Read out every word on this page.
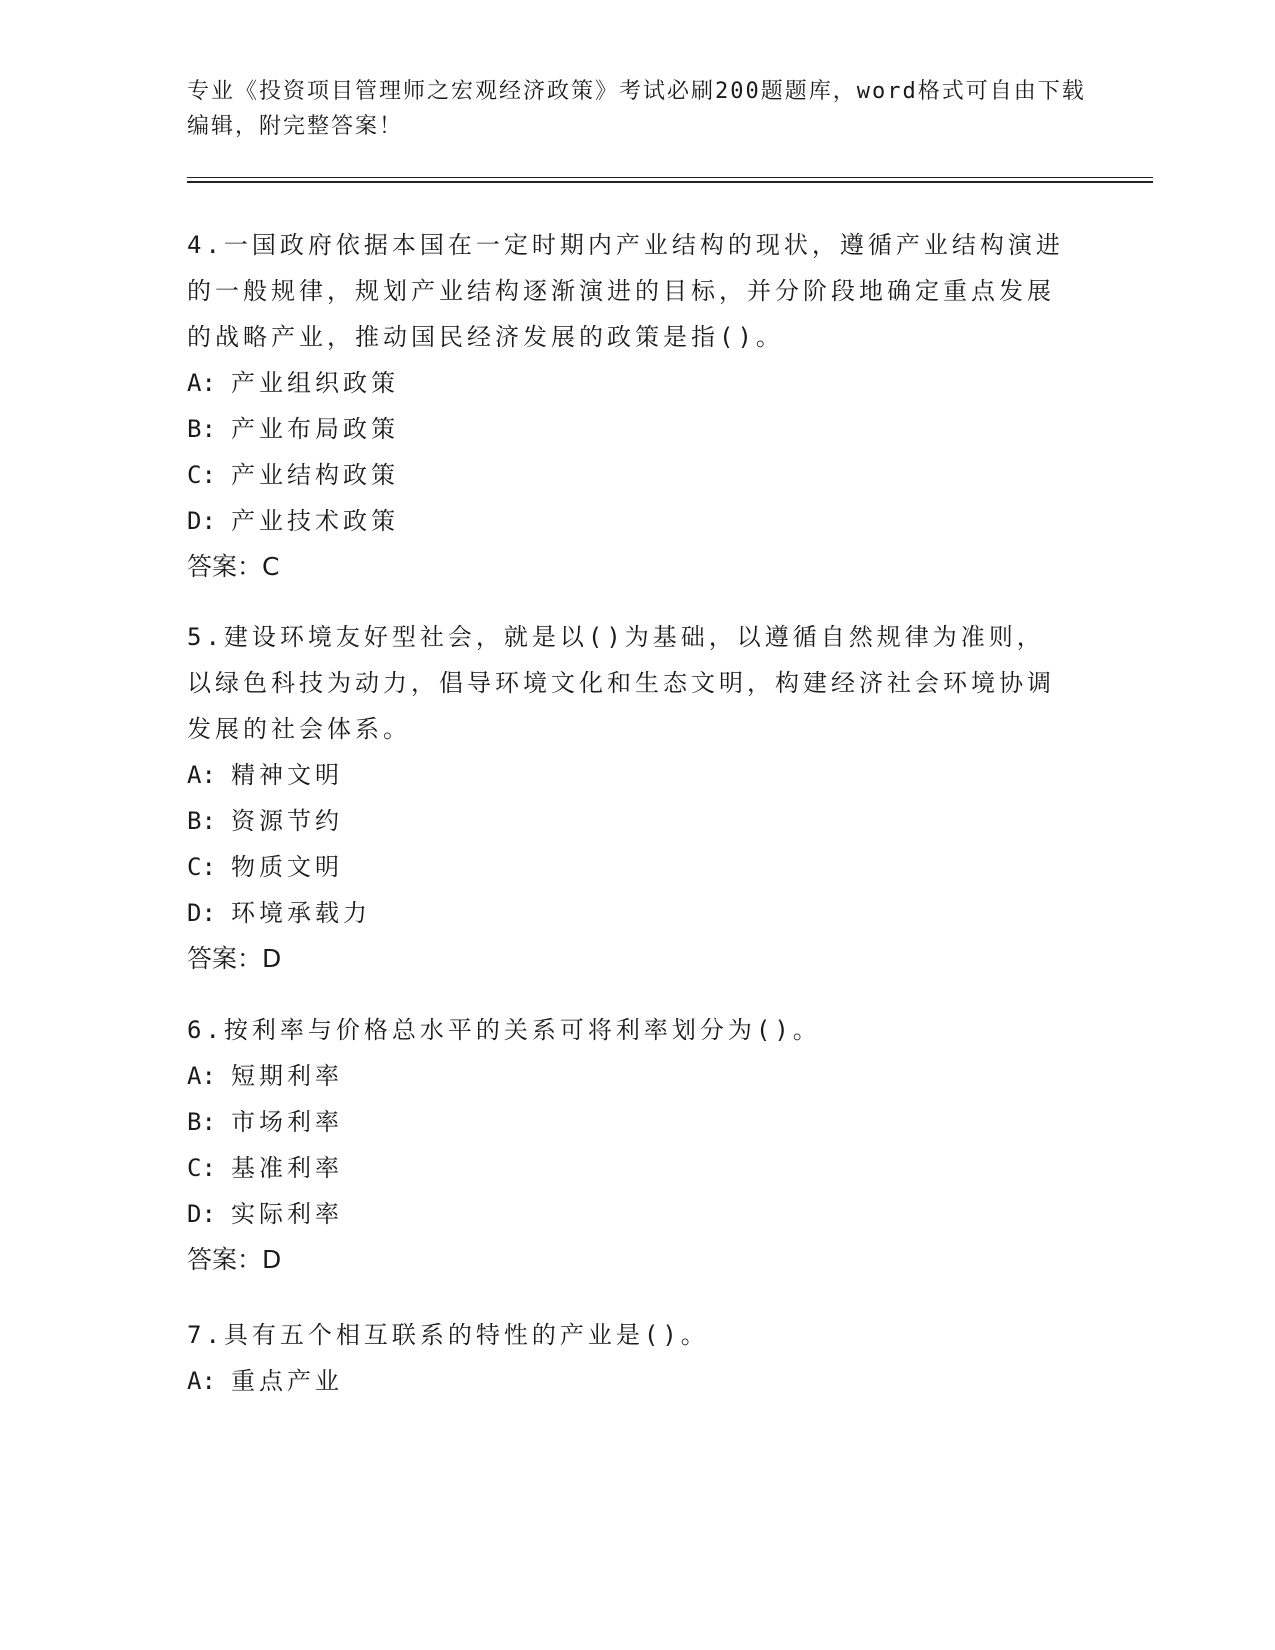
专业《投资项目管理师之宏观经济政策》考试必刷200题题库，word格式可自由下载编辑，附完整答案！

4.一国政府依据本国在一定时期内产业结构的现状，遵循产业结构演进的一般规律，规划产业结构逐渐演进的目标，并分阶段地确定重点发展的战略产业，推动国民经济发展的政策是指()。

A: 产业组织政策

B: 产业布局政策

C: 产业结构政策

D: 产业技术政策

答案：C

5.建设环境友好型社会，就是以()为基础，以遵循自然规律为准则，以绿色科技为动力，倡导环境文化和生态文明，构建经济社会环境协调发展的社会体系。

A: 精神文明

B: 资源节约

C: 物质文明

D: 环境承载力

答案：D

6.按利率与价格总水平的关系可将利率划分为()。

A: 短期利率

B: 市场利率

C: 基准利率

D: 实际利率

答案：D

7.具有五个相互联系的特性的产业是()。

A: 重点产业
